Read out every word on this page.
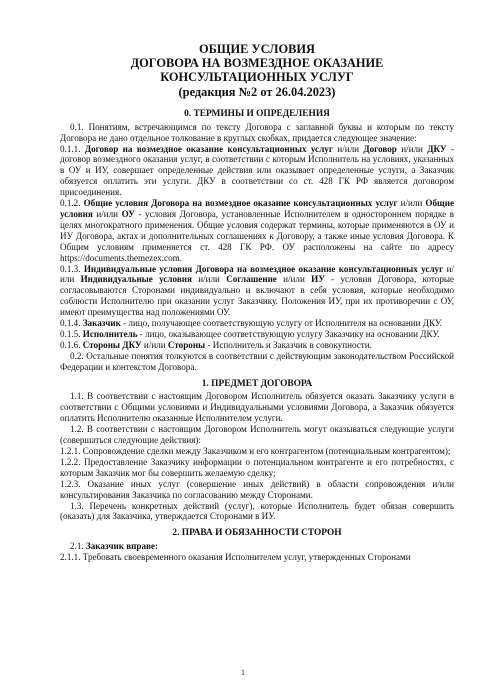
ОБЩИЕ УСЛОВИЯ
ДОГОВОРА НА ВОЗМЕЗДНОЕ ОКАЗАНИЕ
КОНСУЛЬТАЦИОННЫХ УСЛУГ
(редакция №2 от 26.04.2023)
0. ТЕРМИНЫ И ОПРЕДЕЛЕНИЯ

0.1. Понятиям, встречающимся по тексту Договора с заглавной буквы и которым по тексту Договора не дано отдельное толкование в круглых скобках, придается следующее значение:

0.1.1. Договор на возмездное оказание консультационных услуг и/или Договор и/или ДКУ - договор возмездного оказания услуг, в соответствии с которым Исполнитель на условиях, указанных в ОУ и ИУ, совершает определенные действия или оказывает определенные услуги, а Заказчик обязуется оплатить эти услуги. ДКУ в соответствии со ст. 428 ГК РФ является договором присоединения.

0.1.2. Общие условия Договора на возмездное оказание консультационных услуг и/или Общие условия и/или ОУ - условия Договора, установленные Исполнителем в одностороннем порядке в целях многократного применения. Общие условия содержат термины, которые применяются в ОУ и ИУ Договора, актах и дополнительных соглашениях к Договору, а также иные условия Договора. К Общим условиям применяется ст. 428 ГК РФ. ОУ расположены на сайте по адресу https://documents.themezex.com.

0.1.3. Индивидуальные условия Договора на возмездное оказание консультационных услуг и/или Индивидуальные условия и/или Соглашение и/или ИУ - условия Договора, которые согласовываются Сторонами индивидуально и включают в себя условия, которые необходимо соблюсти Исполнителю при оказании услуг Заказчику. Положения ИУ, при их противоречии с ОУ, имеют преимущества над положениями ОУ.

0.1.4. Заказчик - лицо, получающее соответствующую услугу от Исполнителя на основании ДКУ.

0.1.5. Исполнитель - лицо, оказывающее соответствующую услугу Заказчику на основании ДКУ.

0.1.6. Стороны ДКУ и/или Стороны - Исполнитель и Заказчик в совокупности.

0.2. Остальные понятия толкуются в соответствии с действующим законодательством Российской Федерации и контекстом Договора.

1. ПРЕДМЕТ ДОГОВОРА

1.1. В соответствии с настоящим Договором Исполнитель обязуется оказать Заказчику услуги в соответствии с Общими условиями и Индивидуальными условиями Договора, а Заказчик обязуется оплатить Исполнителю оказанные Исполнителем услуги.

1.2. В соответствии с настоящим Договором Исполнитель могут оказываться следующие услуги (совершаться следующие действия):

1.2.1. Сопровождение сделки между Заказчиком и его контрагентом (потенциальным контрагентом);

1.2.2. Предоставление Заказчику информации о потенциальном контрагенте и его потребностях, с которым Заказчик мог бы совершить желаемую сделку;

1.2.3. Оказание иных услуг (совершение иных действий) в области сопровождения и/или консультирования Заказчика по согласованию между Сторонами.

1.3. Перечень конкретных действий (услуг), которые Исполнитель будет обязан совершить (оказать) для Заказчика, утверждается Сторонами в ИУ.

2. ПРАВА И ОБЯЗАННОСТИ СТОРОН

2.1. Заказчик вправе:

2.1.1. Требовать своевременного оказания Исполнителем услуг, утвержденных Сторонами

1
